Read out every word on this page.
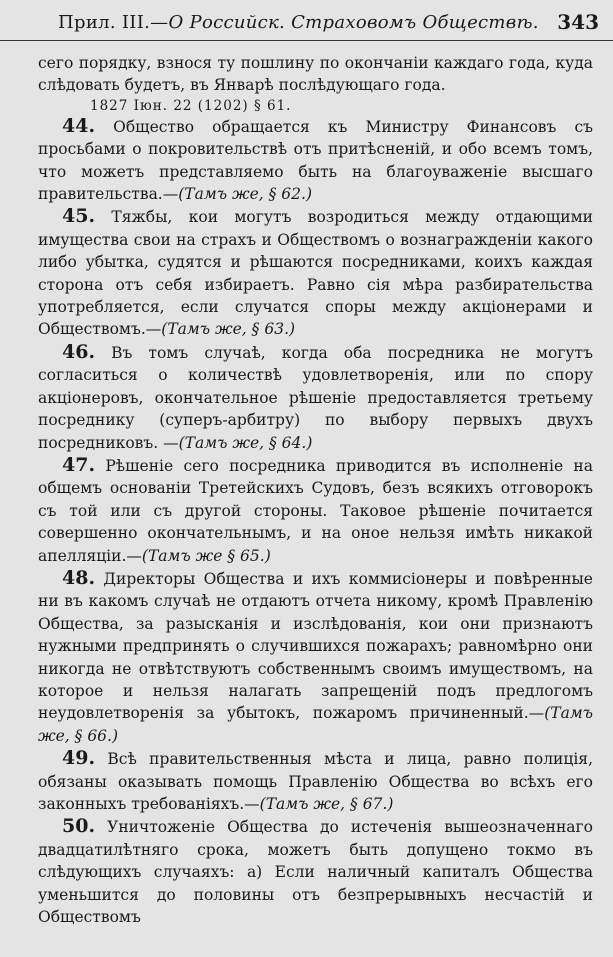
Прил. III.—О Российск. Страховомъ Обществѣ. 343

сего порядку, взнося ту пошлину по окончанiи каждаго года, куда слѣдовать будетъ, въ Январѣ послѣдующаго года.

1827 Iюн. 22 (1202) § 61.

44. Общество обращается къ Министру Финансовъ съ просьбами о покровительствѣ отъ притѣсненiй, и обо всемъ томъ, что можетъ представляемо быть на благоуваженiе высшаго правительства.—(Тамъ же, § 62.)

45. Тяжбы, кои могутъ возродиться между отдающими имущества свои на страхъ и Обществомъ о вознагражденiи какого либо убытка, судятся и рѣшаются посредниками, коихъ каждая сторона отъ себя избираетъ. Равно сiя мѣра разбирательства употребляется, если случатся споры между акцiонерами и Обществомъ.—(Тамъ же, § 63.)

46. Въ томъ случаѣ, когда оба посредника не могутъ согласиться о количествѣ удовлетворенiя, или по спору акцiонеровъ, окончательное рѣшенiе предоставляется третьему посреднику (суперъ-арбитру) по выбору первыхъ двухъ посредниковъ. —(Тамъ же, § 64.)

47. Рѣшенiе сего посредника приводится въ исполненiе на общемъ основанiи Третейскихъ Судовъ, безъ всякихъ отговорокъ съ той или съ другой стороны. Таковое рѣшенiе почитается совершенно окончательнымъ, и на оное нельзя имѣть никакой апелляцiи.—(Тамъ же § 65.)

48. Директоры Общества и ихъ коммисiонеры и повѣренные ни въ какомъ случаѣ не отдаютъ отчета никому, кромѣ Правленiю Общества, за разысканiя и изслѣдованiя, кои они признаютъ нужными предпринять о случившихся пожарахъ; равномѣрно они никогда не отвѣтствуютъ собственнымъ своимъ имуществомъ, на которое и нельзя налагать запрещенiй подъ предлогомъ неудовлетворенiя за убытокъ, пожаромъ причиненный.—(Тамъ же, § 66.)

49. Всѣ правительственныя мѣста и лица, равно полицiя, обязаны оказывать помощь Правленiю Общества во всѣхъ его законныхъ требованiяхъ.—(Тамъ же, § 67.)

50. Уничтоженiе Общества до истеченiя вышеозначеннаго двадцатилѣтняго срока, можетъ быть допущено токмо въ слѣдующихъ случаяхъ: а) Если наличный капиталъ Общества уменьшится до половины отъ безпрерывныхъ несчастiй и Обществомъ
